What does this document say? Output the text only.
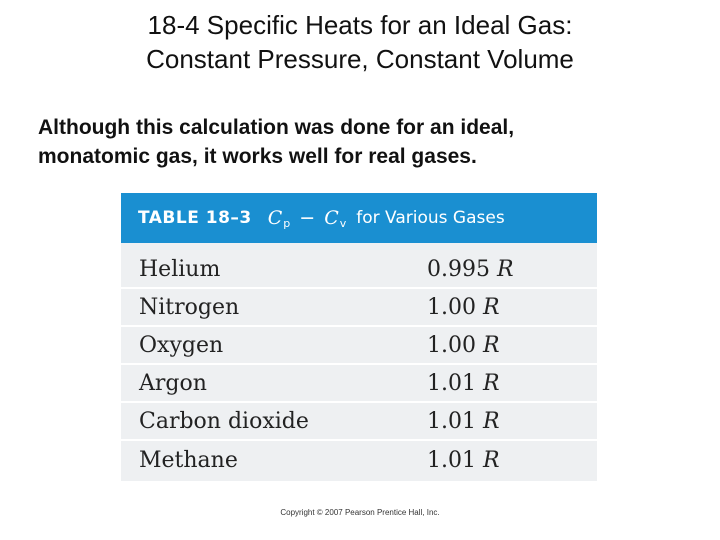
18-4 Specific Heats for an Ideal Gas:
Constant Pressure, Constant Volume

Although this calculation was done for an ideal,
monatomic gas, it works well for real gases.

TABLE 18–3 C p − C v for Various Gases
Helium	0.995 R
Nitrogen	1.00 R
Oxygen	1.00 R
Argon	1.01 R
Carbon dioxide	1.01 R
Methane	1.01 R
Copyright © 2007 Pearson Prentice Hall, Inc.
